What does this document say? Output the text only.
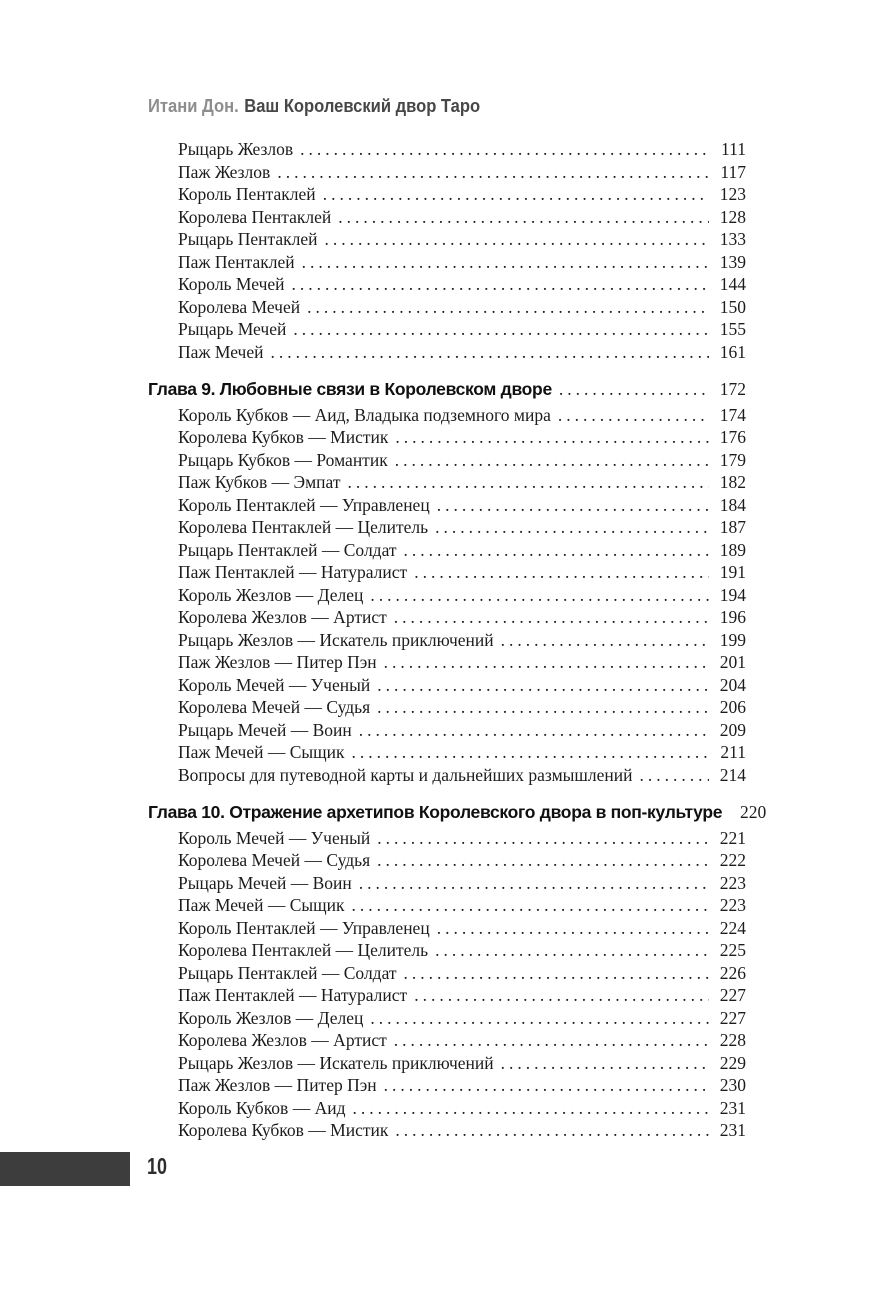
Итани Дон. Ваш Королевский двор Таро
Рыцарь Жезлов .....	111
Паж Жезлов .....	117
Король Пентаклей .....	123
Королева Пентаклей .....	128
Рыцарь Пентаклей .....	133
Паж Пентаклей .....	139
Король Мечей .....	144
Королева Мечей .....	150
Рыцарь Мечей .....	155
Паж Мечей .....	161
Глава 9. Любовные связи в Королевском дворе .....	172
Король Кубков — Аид, Владыка подземного мира .....	174
Королева Кубков — Мистик .....	176
Рыцарь Кубков — Романтик .....	179
Паж Кубков — Эмпат .....	182
Король Пентаклей — Управленец .....	184
Королева Пентаклей — Целитель .....	187
Рыцарь Пентаклей — Солдат .....	189
Паж Пентаклей — Натуралист .....	191
Король Жезлов — Делец .....	194
Королева Жезлов — Артист .....	196
Рыцарь Жезлов — Искатель приключений .....	199
Паж Жезлов — Питер Пэн .....	201
Король Мечей — Ученый .....	204
Королева Мечей — Судья .....	206
Рыцарь Мечей — Воин .....	209
Паж Мечей — Сыщик .....	211
Вопросы для путеводной карты и дальнейших размышлений .....	214
Глава 10. Отражение архетипов Королевского двора в поп-культуре	220
Король Мечей — Ученый .....	221
Королева Мечей — Судья .....	222
Рыцарь Мечей — Воин .....	223
Паж Мечей — Сыщик .....	223
Король Пентаклей — Управленец .....	224
Королева Пентаклей — Целитель .....	225
Рыцарь Пентаклей — Солдат .....	226
Паж Пентаклей — Натуралист .....	227
Король Жезлов — Делец .....	227
Королева Жезлов — Артист .....	228
Рыцарь Жезлов — Искатель приключений .....	229
Паж Жезлов — Питер Пэн .....	230
Король Кубков — Аид .....	231
Королева Кубков — Мистик .....	231
10
